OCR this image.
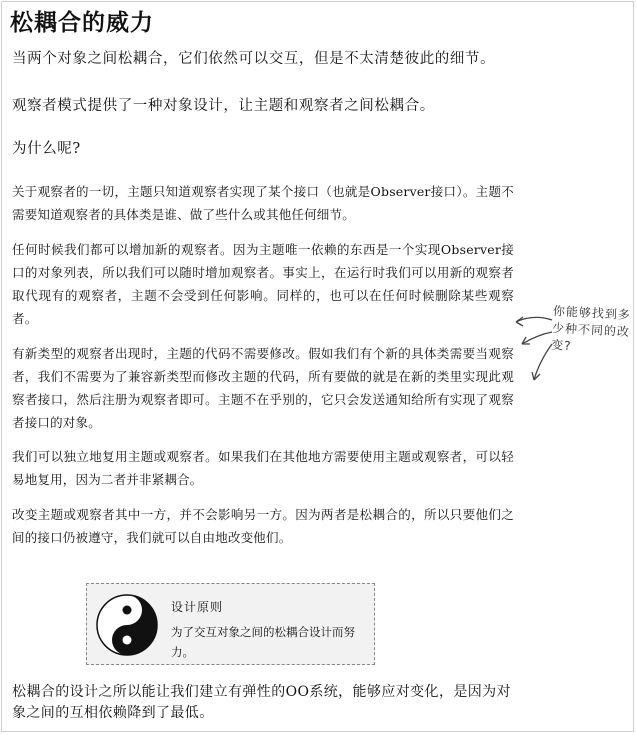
松耦合的威力

当两个对象之间松耦合，它们依然可以交互，但是不太清楚彼此的细节。

观察者模式提供了一种对象设计，让主题和观察者之间松耦合。

为什么呢?

关于观察者的一切，主题只知道观察者实现了某个接口（也就是Observer接口）。主题不需要知道观察者的具体类是谁、做了些什么或其他任何细节。

任何时候我们都可以增加新的观察者。因为主题唯一依赖的东西是一个实现Observer接口的对象列表，所以我们可以随时增加观察者。事实上，在运行时我们可以用新的观察者取代现有的观察者，主题不会受到任何影响。同样的，也可以在任何时候删除某些观察者。

有新类型的观察者出现时，主题的代码不需要修改。假如我们有个新的具体类需要当观察者，我们不需要为了兼容新类型而修改主题的代码，所有要做的就是在新的类里实现此观察者接口，然后注册为观察者即可。主题不在乎别的，它只会发送通知给所有实现了观察者接口的对象。

我们可以独立地复用主题或观察者。如果我们在其他地方需要使用主题或观察者，可以轻易地复用，因为二者并非紧耦合。

改变主题或观察者其中一方，并不会影响另一方。因为两者是松耦合的，所以只要他们之间的接口仍被遵守，我们就可以自由地改变他们。

你能够找到多少种不同的改变?

设计原则

为了交互对象之间的松耦合设计而努力。

松耦合的设计之所以能让我们建立有弹性的OO系统，能够应对变化，是因为对象之间的互相依赖降到了最低。
